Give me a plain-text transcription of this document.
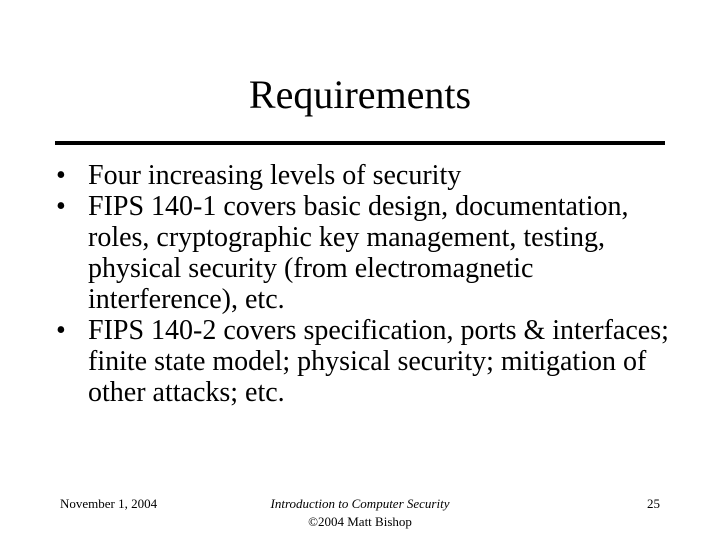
Requirements
• Four increasing levels of security
• FIPS 140-1 covers basic design, documentation, roles, cryptographic key management, testing, physical security (from electromagnetic interference), etc.
• FIPS 140-2 covers specification, ports & interfaces; finite state model; physical security; mitigation of other attacks; etc.
November 1, 2004	Introduction to Computer Security
©2004 Matt Bishop
25
